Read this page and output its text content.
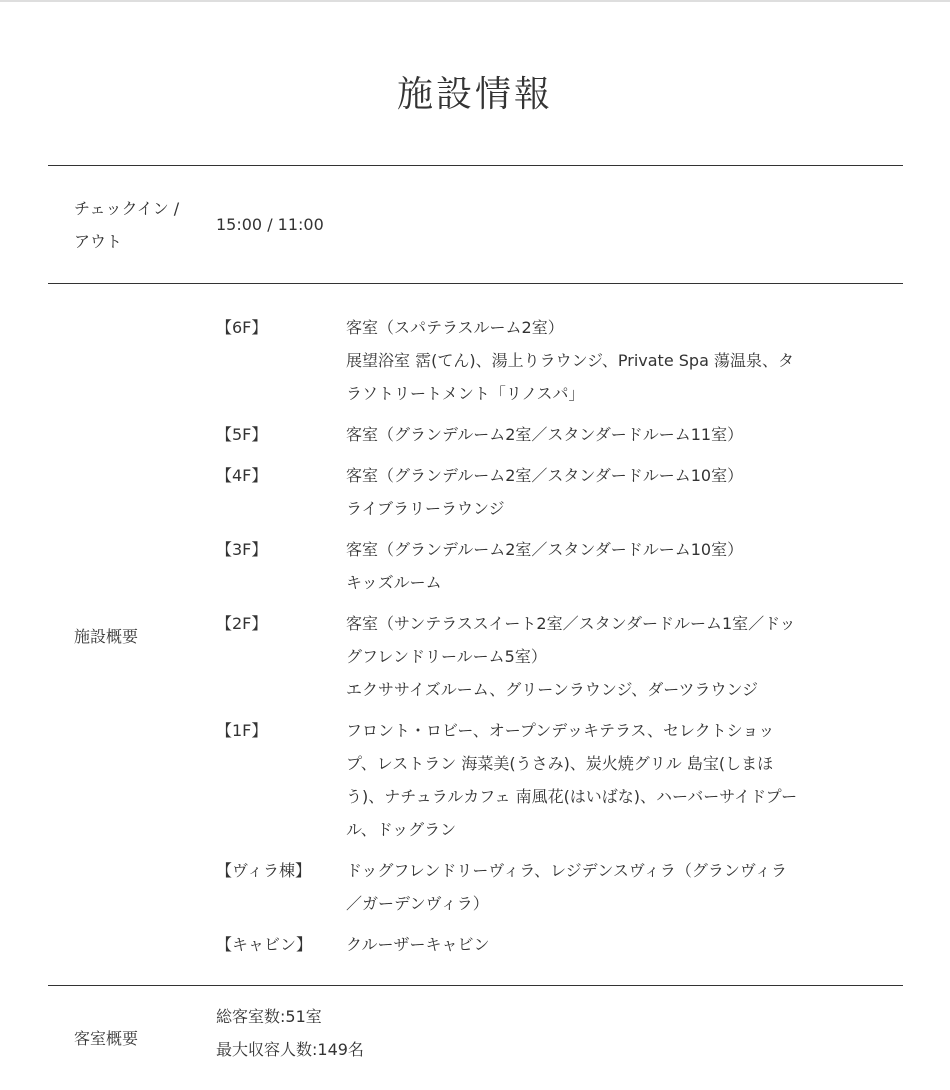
施設情報
チェックイン /
アウト
15:00 / 11:00
施設概要
【6F】	客室（スパテラスルーム2室）
展望浴室 霑(てん)、湯上りラウンジ、Private Spa 蕩温泉、タ
ラソトリートメント「リノスパ」
【5F】	客室（グランデルーム2室／スタンダードルーム11室）
【4F】	客室（グランデルーム2室／スタンダードルーム10室）
ライブラリーラウンジ
【3F】	客室（グランデルーム2室／スタンダードルーム10室）
キッズルーム
【2F】	客室（サンテラススイート2室／スタンダードルーム1室／ドッ
グフレンドリールーム5室）
エクササイズルーム、グリーンラウンジ、ダーツラウンジ
【1F】	フロント・ロビー、オープンデッキテラス、セレクトショッ
プ、レストラン 海菜美(うさみ)、炭火焼グリル 島宝(しまほ
う)、ナチュラルカフェ 南風花(はいばな)、ハーバーサイドプー
ル、ドッグラン
【ヴィラ棟】	ドッグフレンドリーヴィラ、レジデンスヴィラ（グランヴィラ
／ガーデンヴィラ）
【キャビン】	クルーザーキャビン
客室概要
総客室数:51室
最大収容人数:149名
